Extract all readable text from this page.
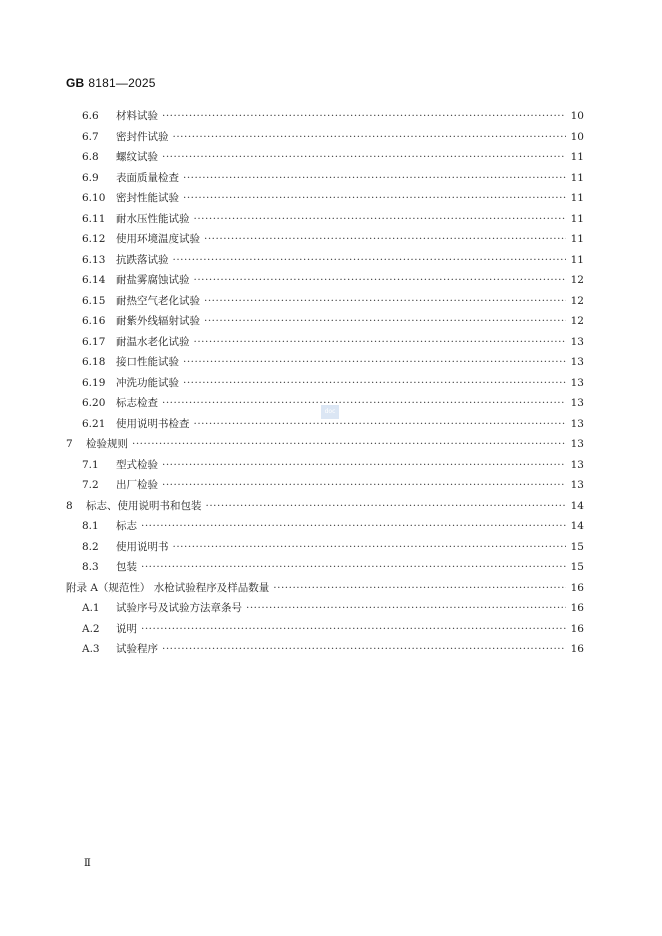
GB 8181—2025
6.6	材料试验 ·····	10
6.7	密封件试验 ·····	10
6.8	螺纹试验 ·····	11
6.9	表面质量检查 ·····	11
6.10	密封性能试验 ·····	11
6.11	耐水压性能试验 ·····	11
6.12	使用环境温度试验 ·····	11
6.13	抗跌落试验 ·····	11
6.14	耐盐雾腐蚀试验 ·····	12
6.15	耐热空气老化试验 ·····	12
6.16	耐紫外线辐射试验 ·····	12
6.17	耐温水老化试验 ·····	13
6.18	接口性能试验 ·····	13
6.19	冲洗功能试验 ·····	13
6.20	标志检查 ·····	13
6.21	使用说明书检查 ·····	13
7	检验规则 ·····	13
7.1	型式检验 ·····	13
7.2	出厂检验 ·····	13
8	标志、使用说明书和包装 ·····	14
8.1	标志 ·····	14
8.2	使用说明书 ·····	15
8.3	包装 ·····	15
附录 A（规范性） 水枪试验程序及样品数量 ·····	16
A.1	试验序号及试验方法章条号 ·····	16
A.2	说明 ·····	16
A.3	试验程序 ·····	16
doc
Ⅱ
